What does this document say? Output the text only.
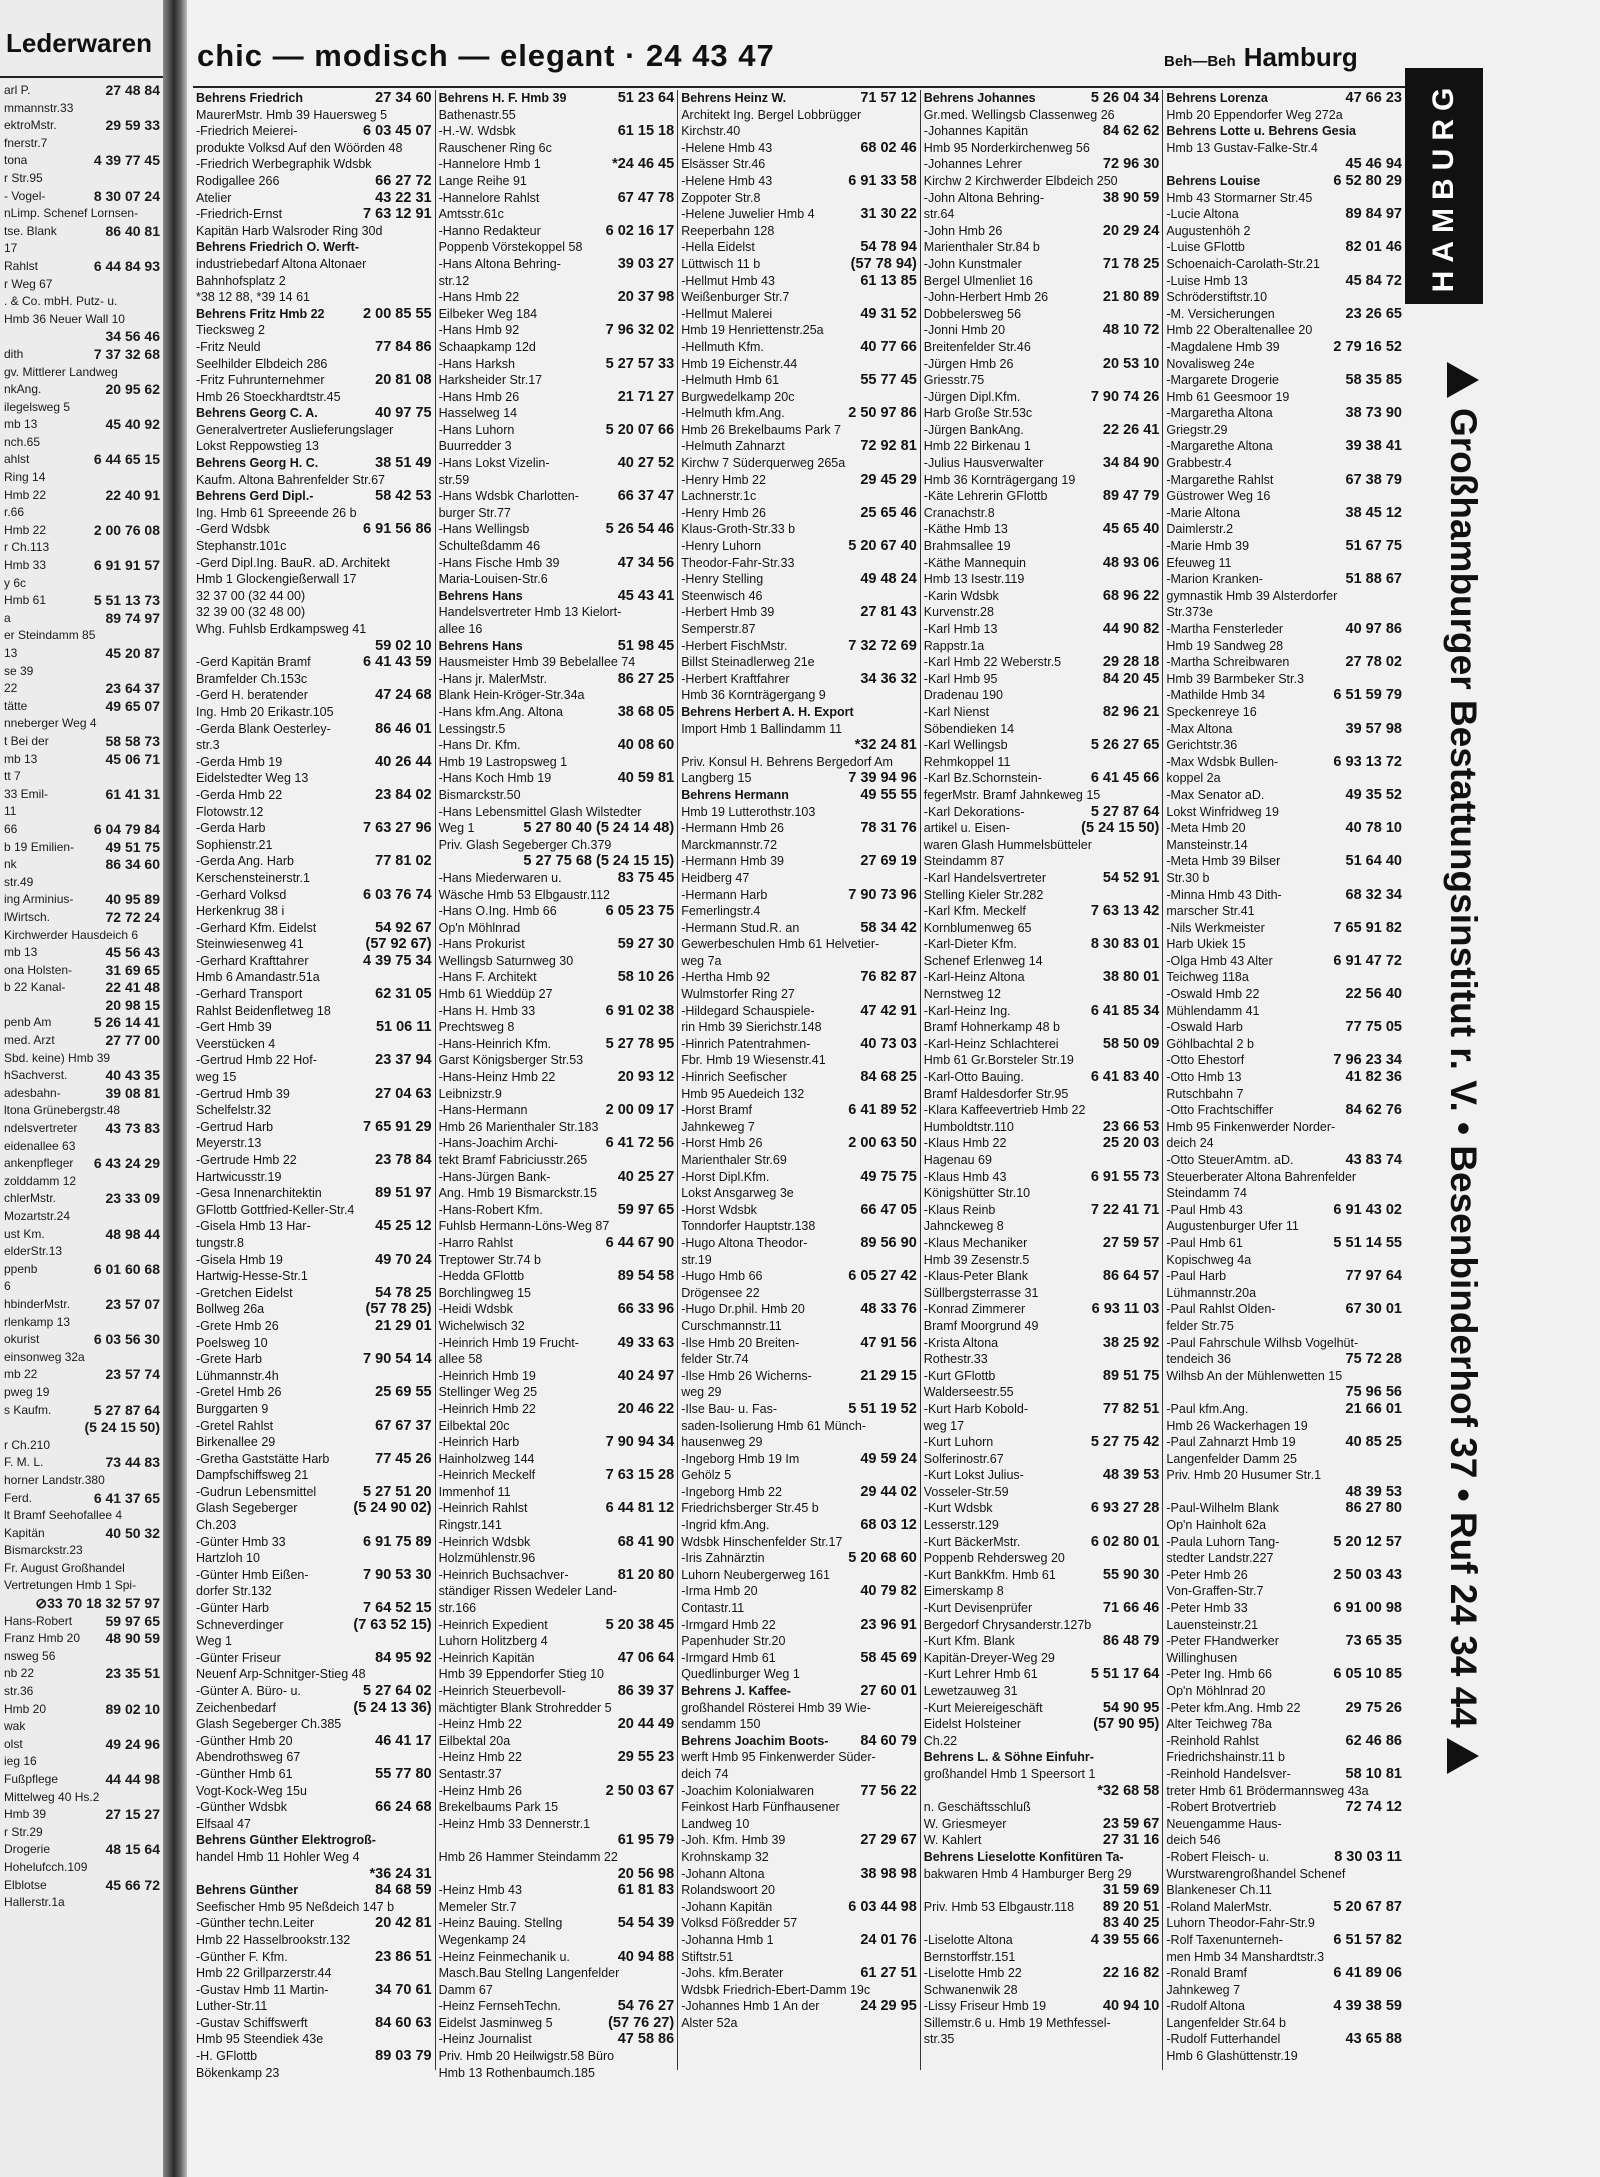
Lederwaren
arl P.	27 48 84
mmannstr.33
ektroMstr.	29 59 33
fnerstr.7
tona	4 39 77 45
r Str.95
- Vogel-	8 30 07 24
nLimp. Schenef Lornsen-
tse. Blank	86 40 81
17
Rahlst	6 44 84 93
r Weg 67
. & Co. mbH. Putz- u.
Hmb 36 Neuer Wall 10
34 56 46
dith	7 37 32 68
gv. Mittlerer Landweg
nkAng.	20 95 62
ilegelsweg 5
mb 13	45 40 92
nch.65
ahlst	6 44 65 15
Ring 14
Hmb 22	22 40 91
r.66
Hmb 22	2 00 76 08
r Ch.113
Hmb 33	6 91 91 57
y 6c
Hmb 61	5 51 13 73
a	89 74 97
er Steindamm 85
13	45 20 87
se 39
22	23 64 37
tätte	49 65 07
nneberger Weg 4
t Bei der	58 58 73
mb 13	45 06 71
tt 7
33 Emil-	61 41 31
11
66	6 04 79 84
b 19 Emilien- 49 51 75
nk	86 34 60
str.49
ing Arminius- 40 95 89
lWirtsch.	72 72 24
Kirchwerder Hausdeich 6
mb 13	45 56 43
ona Holsten- 31 69 65
b 22 Kanal-	22 41 48
20 98 15
penb Am	5 26 14 41
med. Arzt	27 77 00
Sbd. keine) Hmb 39
hSachverst.	40 43 35
adesbahn-	39 08 81
ltona Grünebergstr.48
ndelsvertreter 43 73 83
eidenallee 63
ankenpfleger 6 43 24 29
zolddamm 12
chlerMstr.	23 33 09
Mozartstr.24
ust Km.	48 98 44
elderStr.13
ppenb	6 01 60 68
6
hbinderMstr.	23 57 07
rlenkamp 13
okurist	6 03 56 30
einsonweg 32a
mb 22	23 57 74
pweg 19
s Kaufm.	5 27 87 64
(5 24 15 50)
r Ch.210
F. M. L.	73 44 83
horner Landstr.380
Ferd.	6 41 37 65
lt Bramf Seehofallee 4
Kapitän	40 50 32
Bismarckstr.23
Fr. August Großhandel
Vertretungen Hmb 1 Spi-
⊘33 70 18 32 57 97
Hans-Robert 59 97 65
Franz Hmb 20 48 90 59
nsweg 56
nb 22	23 35 51
str.36
Hmb 20	89 02 10
wak
olst	49 24 96
ieg 16
Fußpflege	44 44 98
Mittelweg 40 Hs.2
Hmb 39	27 15 27
r Str.29
Drogerie	48 15 64
Hohelufcch.109
Elblotse	45 66 72
Hallerstr.1a
chic — modisch — elegant · 24 43 47	Beh—Beh Hamburg
Behrens Friedrich	27 34 60
MaurerMstr. Hmb 39 Hauersweg 5
-Friedrich Meierei-	6 03 45 07
produkte Volksd Auf den Wöörden 48
-Friedrich Werbegraphik Wdsbk
Rodigallee 266	66 27 72
Atelier	43 22 31
-Friedrich-Ernst	7 63 12 91
Kapitän Harb Walsroder Ring 30d
Behrens Friedrich O. Werft-
industriebedarf Altona Altonaer
Bahnhofsplatz 2
*38 12 88, *39 14 61
Behrens Fritz Hmb 22	2 00 85 55
Tiecksweg 2
-Fritz Neuld	77 84 86
Seelhilder Elbdeich 286
-Fritz Fuhrunternehmer	20 81 08
Hmb 26 Stoeckhardtstr.45
Behrens Georg C. A.	40 97 75
Generalvertreter Auslieferungslager
Lokst Reppowstieg 13
Behrens Georg H. C.	38 51 49
Kaufm. Altona Bahrenfelder Str.67
Behrens Gerd Dipl.-	58 42 53
Ing. Hmb 61 Spreeende 26 b
-Gerd Wdsbk	6 91 56 86
Stephanstr.101c
-Gerd Dipl.Ing. BauR. aD. Architekt
Hmb 1 Glockengießerwall 17
32 37 00 (32 44 00)
32 39 00 (32 48 00)
Whg. Fuhlsb Erdkampsweg 41
59 02 10
-Gerd Kapitän Bramf	6 41 43 59
Bramfelder Ch.153c
-Gerd H. beratender	47 24 68
Ing. Hmb 20 Erikastr.105
-Gerda Blank Oesterley-	86 46 01
str.3
-Gerda Hmb 19	40 26 44
Eidelstedter Weg 13
-Gerda Hmb 22	23 84 02
Flotowstr.12
-Gerda Harb	7 63 27 96
Sophienstr.21
-Gerda Ang. Harb	77 81 02
Kerschensteinerstr.1
-Gerhard Volksd	6 03 76 74
Herkenkrug 38 i
-Gerhard Kfm. Eidelst	54 92 67
Steinwiesenweg 41	(57 92 67)
-Gerhard Krafttahrer	4 39 75 34
Hmb 6 Amandastr.51a
-Gerhard Transport	62 31 05
Rahlst Beidenfletweg 18
-Gert Hmb 39	51 06 11
Veerstücken 4
-Gertrud Hmb 22 Hof-	23 37 94
weg 15
-Gertrud Hmb 39	27 04 63
Schelfelstr.32
-Gertrud Harb	7 65 91 29
Meyerstr.13
-Gertrude Hmb 22	23 78 84
Hartwicusstr.19
-Gesa Innenarchitektin	89 51 97
GFlottb Gottfried-Keller-Str.4
-Gisela Hmb 13 Har-	45 25 12
tungstr.8
-Gisela Hmb 19	49 70 24
Hartwig-Hesse-Str.1
-Gretchen Eidelst	54 78 25
Bollweg 26a	(57 78 25)
-Grete Hmb 26	21 29 01
Poelsweg 10
-Grete Harb	7 90 54 14
Lühmannstr.4h
-Gretel Hmb 26	25 69 55
Burggarten 9
-Gretel Rahlst	67 67 37
Birkenallee 29
-Gretha Gaststätte Harb	77 45 26
Dampfschiffsweg 21
-Gudrun Lebensmittel	5 27 51 20
Glash Segeberger	(5 24 90 02)
Ch.203
-Günter Hmb 33	6 91 75 89
Hartzloh 10
-Günter Hmb Eißen-	7 90 53 30
dorfer Str.132
-Günter Harb	7 64 52 15
Schneverdinger	(7 63 52 15)
Weg 1
-Günter Friseur	84 95 92
Neuenf Arp-Schnitger-Stieg 48
-Günter A. Büro- u.	5 27 64 02
Zeichenbedarf	(5 24 13 36)
Glash Segeberger Ch.385
-Günther Hmb 20	46 41 17
Abendrothsweg 67
-Günther Hmb 61	55 77 80
Vogt-Kock-Weg 15u
-Günther Wdsbk	66 24 68
Elfsaal 47
Behrens Günther Elektrogroß-
handel Hmb 11 Hohler Weg 4
*36 24 31
Behrens Günther	84 68 59
Seefischer Hmb 95 Neßdeich 147 b
-Günther techn.Leiter	20 42 81
Hmb 22 Hasselbrookstr.132
-Günther F. Kfm.	23 86 51
Hmb 22 Grillparzerstr.44
-Gustav Hmb 11 Martin-	34 70 61
Luther-Str.11
-Gustav Schiffswerft	84 60 63
Hmb 95 Steendiek 43e
-H. GFlottb	89 03 79
Bökenkamp 23
Behrens H. F. Hmb 39	51 23 64
Bathenastr.55
-H.-W. Wdsbk	61 15 18
Rauschener Ring 6c
-Hannelore Hmb 1	*24 46 45
Lange Reihe 91
-Hannelore Rahlst	67 47 78
Amtsstr.61c
-Hanno Redakteur	6 02 16 17
Poppenb Vörstekoppel 58
-Hans Altona Behring-	39 03 27
str.12
-Hans Hmb 22	20 37 98
Eilbeker Weg 184
-Hans Hmb 92	7 96 32 02
Schaapkamp 12d
-Hans Harksh	5 27 57 33
Harksheider Str.17
-Hans Hmb 26	21 71 27
Hasselweg 14
-Hans Luhorn	5 20 07 66
Buurredder 3
-Hans Lokst Vizelin-	40 27 52
str.59
-Hans Wdsbk Charlotten-	66 37 47
burger Str.77
-Hans Wellingsb	5 26 54 46
Schulteßdamm 46
-Hans Fische Hmb 39	47 34 56
Maria-Louisen-Str.6
Behrens Hans	45 43 41
Handelsvertreter Hmb 13 Kielort-
allee 16
Behrens Hans	51 98 45
Hausmeister Hmb 39 Bebelallee 74
-Hans jr. MalerMstr.	86 27 25
Blank Hein-Kröger-Str.34a
-Hans kfm.Ang. Altona	38 68 05
Lessingstr.5
-Hans Dr. Kfm.	40 08 60
Hmb 19 Lastropsweg 1
-Hans Koch Hmb 19	40 59 81
Bismarckstr.50
-Hans Lebensmittel Glash Wilstedter
Weg 1	5 27 80 40 (5 24 14 48)
Priv. Glash Segeberger Ch.379
5 27 75 68 (5 24 15 15)
-Hans Miederwaren u.	83 75 45
Wäsche Hmb 53 Elbgaustr.112
-Hans O.Ing. Hmb 66	6 05 23 75
Op'n Möhlnrad
-Hans Prokurist	59 27 30
Wellingsb Saturnweg 30
-Hans F. Architekt	58 10 26
Hmb 61 Wieddüp 27
-Hans H. Hmb 33	6 91 02 38
Prechtsweg 8
-Hans-Heinrich Kfm.	5 27 78 95
Garst Königsberger Str.53
-Hans-Heinz Hmb 22	20 93 12
Leibnizstr.9
-Hans-Hermann	2 00 09 17
Hmb 26 Marienthaler Str.183
-Hans-Joachim Archi-	6 41 72 56
tekt Bramf Fabriciusstr.265
-Hans-Jürgen Bank-	40 25 27
Ang. Hmb 19 Bismarckstr.15
-Hans-Robert Kfm.	59 97 65
Fuhlsb Hermann-Löns-Weg 87
-Harro Rahlst	6 44 67 90
Treptower Str.74 b
-Hedda GFlottb	89 54 58
Borchlingweg 15
-Heidi Wdsbk	66 33 96
Wichelwisch 32
-Heinrich Hmb 19 Frucht-	49 33 63
allee 58
-Heinrich Hmb 19	40 24 97
Stellinger Weg 25
-Heinrich Hmb 22	20 46 22
Eilbektal 20c
-Heinrich Harb	7 90 94 34
Hainholzweg 144
-Heinrich Meckelf	7 63 15 28
Immenhof 11
-Heinrich Rahlst	6 44 81 12
Ringstr.141
-Heinrich Wdsbk	68 41 90
Holzmühlenstr.96
-Heinrich Buchsachver-	81 20 80
ständiger Rissen Wedeler Land-
str.166
-Heinrich Expedient	5 20 38 45
Luhorn Holitzberg 4
-Heinrich Kapitän	47 06 64
Hmb 39 Eppendorfer Stieg 10
-Heinrich Steuerbevoll-	86 39 37
mächtigter Blank Strohredder 5
-Heinz Hmb 22	20 44 49
Eilbektal 20a
-Heinz Hmb 22	29 55 23
Sentastr.37
-Heinz Hmb 26	2 50 03 67
Brekelbaums Park 15
-Heinz Hmb 33 Dennerstr.1
61 95 79
Hmb 26 Hammer Steindamm 22
20 56 98
-Heinz Hmb 43	61 81 83
Memeler Str.7
-Heinz Bauing. Stellng	54 54 39
Wegenkamp 24
-Heinz Feinmechanik u.	40 94 88
Masch.Bau Stellng Langenfelder
Damm 67
-Heinz FernsehTechn.	54 76 27
Eidelst Jasminweg 5	(57 76 27)
-Heinz Journalist	47 58 86
Priv. Hmb 20 Heilwigstr.58 Büro
Hmb 13 Rothenbaumch.185
Behrens Heinz W.	71 57 12
Architekt Ing. Bergel Lobbrügger
Kirchstr.40
-Helene Hmb 43	68 02 46
Elsässer Str.46
-Helene Hmb 43	6 91 33 58
Zoppoter Str.8
-Helene Juwelier Hmb 4	31 30 22
Reeperbahn 128
-Hella Eidelst	54 78 94
Lüttwisch 11 b	(57 78 94)
-Hellmut Hmb 43	61 13 85
Weißenburger Str.7
-Hellmut Malerei	49 31 52
Hmb 19 Henriettenstr.25a
-Hellmuth Kfm.	40 77 66
Hmb 19 Eichenstr.44
-Helmuth Hmb 61	55 77 45
Burgwedelkamp 20c
-Helmuth kfm.Ang.	2 50 97 86
Hmb 26 Brekelbaums Park 7
-Helmuth Zahnarzt	72 92 81
Kirchw 7 Süderquerweg 265a
-Henry Hmb 22	29 45 29
Lachnerstr.1c
-Henry Hmb 26	25 65 46
Klaus-Groth-Str.33 b
-Henry Luhorn	5 20 67 40
Theodor-Fahr-Str.33
-Henry Stelling	49 48 24
Steenwisch 46
-Herbert Hmb 39	27 81 43
Semperstr.87
-Herbert FischMstr.	7 32 72 69
Billst Steinadlerweg 21e
-Herbert Kraftfahrer	34 36 32
Hmb 36 Kornträgergang 9
Behrens Herbert A. H. Export
Import Hmb 1 Ballindamm 11
*32 24 81
Priv. Konsul H. Behrens Bergedorf Am
Langberg 15	7 39 94 96
Behrens Hermann	49 55 55
Hmb 19 Lutterothstr.103
-Hermann Hmb 26	78 31 76
Marckmannstr.72
-Hermann Hmb 39	27 69 19
Heidberg 47
-Hermann Harb	7 90 73 96
Femerlingstr.4
-Hermann Stud.R. an	58 34 42
Gewerbeschulen Hmb 61 Helvetier-
weg 7a
-Hertha Hmb 92	76 82 87
Wulmstorfer Ring 27
-Hildegard Schauspiele-	47 42 91
rin Hmb 39 Sierichstr.148
-Hinrich Patentrahmen-	40 73 03
Fbr. Hmb 19 Wiesenstr.41
-Hinrich Seefischer	84 68 25
Hmb 95 Auedeich 132
-Horst Bramf	6 41 89 52
Jahnkeweg 7
-Horst Hmb 26	2 00 63 50
Marienthaler Str.69
-Horst Dipl.Kfm.	49 75 75
Lokst Ansgarweg 3e
-Horst Wdsbk	66 47 05
Tonndorfer Hauptstr.138
-Hugo Altona Theodor-	89 56 90
str.19
-Hugo Hmb 66	6 05 27 42
Drögensee 22
-Hugo Dr.phil. Hmb 20	48 33 76
Curschmannstr.11
-Ilse Hmb 20 Breiten-	47 91 56
felder Str.74
-Ilse Hmb 26 Wicherns-	21 29 15
weg 29
-Ilse Bau- u. Fas-	5 51 19 52
saden-Isolierung Hmb 61 Münch-
hausenweg 29
-Ingeborg Hmb 19 Im	49 59 24
Gehölz 5
-Ingeborg Hmb 22	29 44 02
Friedrichsberger Str.45 b
-Ingrid kfm.Ang.	68 03 12
Wdsbk Hinschenfelder Str.17
-Iris Zahnärztin	5 20 68 60
Luhorn Neubergerweg 161
-Irma Hmb 20	40 79 82
Contastr.11
-Irmgard Hmb 22	23 96 91
Papenhuder Str.20
-Irmgard Hmb 61	58 45 69
Quedlinburger Weg 1
Behrens J. Kaffee-	27 60 01
großhandel Rösterei Hmb 39 Wie-
sendamm 150
Behrens Joachim Boots- 84 60 79
werft Hmb 95 Finkenwerder Süder-
deich 74
-Joachim Kolonialwaren	77 56 22
Feinkost Harb Fünfhausener
Landweg 10
-Joh. Kfm. Hmb 39	27 29 67
Krohnskamp 32
-Johann Altona	38 98 98
Rolandswoort 20
-Johann Kapitän	6 03 44 98
Volksd Fößredder 57
-Johanna Hmb 1	24 01 76
Stiftstr.51
-Johs. kfm.Berater	61 27 51
Wdsbk Friedrich-Ebert-Damm 19c
-Johannes Hmb 1 An der	24 29 95
Alster 52a
Behrens Johannes	5 26 04 34
Gr.med. Wellingsb Classenweg 26
-Johannes Kapitän	84 62 62
Hmb 95 Norderkirchenweg 56
-Johannes Lehrer	72 96 30
Kirchw 2 Kirchwerder Elbdeich 250
-John Altona Behring-	38 90 59
str.64
-John Hmb 26	20 29 24
Marienthaler Str.84 b
-John Kunstmaler	71 78 25
Bergel Ulmenliet 16
-John-Herbert Hmb 26	21 80 89
Dobbelersweg 56
-Jonni Hmb 20	48 10 72
Breitenfelder Str.46
-Jürgen Hmb 26	20 53 10
Griesstr.75
-Jürgen Dipl.Kfm.	7 90 74 26
Harb Große Str.53c
-Jürgen BankAng.	22 26 41
Hmb 22 Birkenau 1
-Julius Hausverwalter	34 84 90
Hmb 36 Kornträgergang 19
-Käte Lehrerin GFlottb	89 47 79
Cranachstr.8
-Käthe Hmb 13	45 65 40
Brahmsallee 19
-Käthe Mannequin	48 93 06
Hmb 13 Isestr.119
-Karin Wdsbk	68 96 22
Kurvenstr.28
-Karl Hmb 13	44 90 82
Rappstr.1a
-Karl Hmb 22 Weberstr.5	29 28 18
-Karl Hmb 95	84 20 45
Dradenau 190
-Karl Nienst	82 96 21
Söbendieken 14
-Karl Wellingsb	5 26 27 65
Rehmkoppel 11
-Karl Bz.Schornstein-	6 41 45 66
fegerMstr. Bramf Jahnkeweg 15
-Karl Dekorations-	5 27 87 64
artikel u. Eisen-	(5 24 15 50)
waren Glash Hummelsbütteler
Steindamm 87
-Karl Handelsvertreter	54 52 91
Stelling Kieler Str.282
-Karl Kfm. Meckelf	7 63 13 42
Kornblumenweg 65
-Karl-Dieter Kfm.	8 30 83 01
Schenef Erlenweg 14
-Karl-Heinz Altona	38 80 01
Nernstweg 12
-Karl-Heinz Ing.	6 41 85 34
Bramf Hohnerkamp 48 b
-Karl-Heinz Schlachterei	58 50 09
Hmb 61 Gr.Borsteler Str.19
-Karl-Otto Bauing.	6 41 83 40
Bramf Haldesdorfer Str.95
-Klara Kaffeevertrieb Hmb 22
Humboldtstr.110	23 66 53
-Klaus Hmb 22	25 20 03
Hagenau 69
-Klaus Hmb 43	6 91 55 73
Königshütter Str.10
-Klaus Reinb	7 22 41 71
Jahnckeweg 8
-Klaus Mechaniker	27 59 57
Hmb 39 Zesenstr.5
-Klaus-Peter Blank	86 64 57
Süllbergsterrasse 31
-Konrad Zimmerer	6 93 11 03
Bramf Moorgrund 49
-Krista Altona	38 25 92
Rothestr.33
-Kurt GFlottb	89 51 75
Walderseestr.55
-Kurt Harb Kobold-	77 82 51
weg 17
-Kurt Luhorn	5 27 75 42
Solferinostr.67
-Kurt Lokst Julius-	48 39 53
Vosseler-Str.59
-Kurt Wdsbk	6 93 27 28
Lesserstr.129
-Kurt BäckerMstr.	6 02 80 01
Poppenb Rehdersweg 20
-Kurt BankKfm. Hmb 61	55 90 30
Eimerskamp 8
-Kurt Devisenprüfer	71 66 46
Bergedorf Chrysanderstr.127b
-Kurt Kfm. Blank	86 48 79
Kapitän-Dreyer-Weg 29
-Kurt Lehrer Hmb 61	5 51 17 64
Lewetzauweg 31
-Kurt Meiereigeschäft	54 90 95
Eidelst Holsteiner	(57 90 95)
Ch.22
Behrens L. & Söhne Einfuhr-
großhandel Hmb 1 Speersort 1
*32 68 58
n. Geschäftsschluß
W. Griesmeyer	23 59 67
W. Kahlert	27 31 16
Behrens Lieselotte Konfitüren Ta-
bakwaren Hmb 4 Hamburger Berg 29
31 59 69
Priv. Hmb 53 Elbgaustr.118 89 20 51
83 40 25
-Liselotte Altona	4 39 55 66
Bernstorffstr.151
-Liselotte Hmb 22	22 16 82
Schwanenwik 28
-Lissy Friseur Hmb 19	40 94 10
Sillemstr.6 u. Hmb 19 Methfessel-
str.35
Behrens Lorenza	47 66 23
Hmb 20 Eppendorfer Weg 272a
Behrens Lotte u. Behrens Gesia
Hmb 13 Gustav-Falke-Str.4
45 46 94
Behrens Louise	6 52 80 29
Hmb 43 Stormarner Str.45
-Lucie Altona	89 84 97
Augustenhöh 2
-Luise GFlottb	82 01 46
Schoenaich-Carolath-Str.21
-Luise Hmb 13	45 84 72
Schröderstiftstr.10
-M. Versicherungen	23 26 65
Hmb 22 Oberaltenallee 20
-Magdalene Hmb 39	2 79 16 52
Novalisweg 24e
-Margarete Drogerie	58 35 85
Hmb 61 Geesmoor 19
-Margaretha Altona	38 73 90
Griegstr.29
-Margarethe Altona	39 38 41
Grabbestr.4
-Margarethe Rahlst	67 38 79
Güstrower Weg 16
-Marie Altona	38 45 12
Daimlerstr.2
-Marie Hmb 39	51 67 75
Efeuweg 11
-Marion Kranken-	51 88 67
gymnastik Hmb 39 Alsterdorfer
Str.373e
-Martha Fensterleder	40 97 86
Hmb 19 Sandweg 28
-Martha Schreibwaren	27 78 02
Hmb 39 Barmbeker Str.3
-Mathilde Hmb 34	6 51 59 79
Speckenreye 16
-Max Altona	39 57 98
Gerichtstr.36
-Max Wdsbk Bullen-	6 93 13 72
koppel 2a
-Max Senator aD.	49 35 52
Lokst Winfridweg 19
-Meta Hmb 20	40 78 10
Mansteinstr.14
-Meta Hmb 39 Bilser	51 64 40
Str.30 b
-Minna Hmb 43 Dith-	68 32 34
marscher Str.41
-Nils Werkmeister	7 65 91 82
Harb Ukiek 15
-Olga Hmb 43 Alter	6 91 47 72
Teichweg 118a
-Oswald Hmb 22	22 56 40
Mühlendamm 41
-Oswald Harb	77 75 05
Göhlbachtal 2 b
-Otto Ehestorf	7 96 23 34
-Otto Hmb 13	41 82 36
Rutschbahn 7
-Otto Frachtschiffer	84 62 76
Hmb 95 Finkenwerder Norder-
deich 24
-Otto SteuerAmtm. aD.	43 83 74
Steuerberater Altona Bahrenfelder
Steindamm 74
-Paul Hmb 43	6 91 43 02
Augustenburger Ufer 11
-Paul Hmb 61	5 51 14 55
Kopischweg 4a
-Paul Harb	77 97 64
Lühmannstr.20a
-Paul Rahlst Olden-	67 30 01
felder Str.75
-Paul Fahrschule Wilhsb Vogelhüt-
tendeich 36	75 72 28
Wilhsb An der Mühlenwetten 15
75 96 56
-Paul kfm.Ang.	21 66 01
Hmb 26 Wackerhagen 19
-Paul Zahnarzt Hmb 19	40 85 25
Langenfelder Damm 25
Priv. Hmb 20 Husumer Str.1
48 39 53
-Paul-Wilhelm Blank	86 27 80
Op'n Hainholt 62a
-Paula Luhorn Tang-	5 20 12 57
stedter Landstr.227
-Peter Hmb 26	2 50 03 43
Von-Graffen-Str.7
-Peter Hmb 33	6 91 00 98
Lauensteinstr.21
-Peter FHandwerker	73 65 35
Willinghusen
-Peter Ing. Hmb 66	6 05 10 85
Op'n Möhlnrad 20
-Peter kfm.Ang. Hmb 22	29 75 26
Alter Teichweg 78a
-Reinhold Rahlst	62 46 86
Friedrichshainstr.11 b
-Reinhold Handelsver-	58 10 81
treter Hmb 61 Brödermannsweg 43a
-Robert Brotvertrieb	72 74 12
Neuengamme Haus-
deich 546
-Robert Fleisch- u.	8 30 03 11
Wurstwarengroßhandel Schenef
Blankeneser Ch.11
-Roland MalerMstr.	5 20 67 87
Luhorn Theodor-Fahr-Str.9
-Rolf Taxenunterneh-	6 51 57 82
men Hmb 34 Manshardtstr.3
-Ronald Bramf	6 41 89 06
Jahnkeweg 7
-Rudolf Altona	4 39 38 59
Langenfelder Str.64 b
-Rudolf Futterhandel	43 65 88
Hmb 6 Glashüttenstr.19
HAMBURG
Großhamburger Bestattungsinstitut r. V. • Besenbinderhof 37 • Ruf 24 34 44
